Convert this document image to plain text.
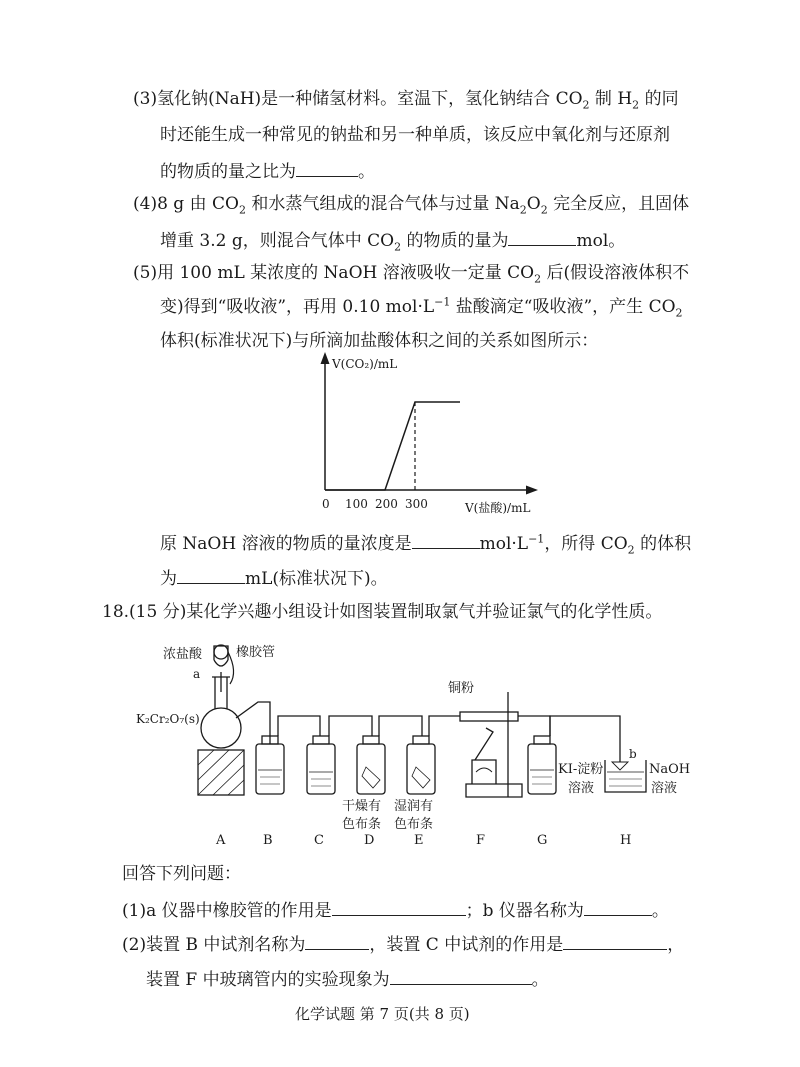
(3)氢化钠(NaH)是一种储氢材料。室温下，氢化钠结合 $CO_2$ 制 $H_2$ 的同
时还能生成一种常见的钠盐和另一种单质，该反应中氧化剂与还原剂
的物质的量之比为	。
(4)8 g 由 $CO_2$ 和水蒸气组成的混合气体与过量 $Na_2O_2$ 完全反应，且固体
增重 3.2 g，则混合气体中 $CO_2$ 的物质的量为	mol。
(5)用 100 mL 某浓度的 NaOH 溶液吸收一定量 $CO_2$ 后(假设溶液体积不
变)得到“吸收液”，再用 0.10 $mol\cdot L^{-1}$ 盐酸滴定“吸收液”，产生 $CO_2$
体积(标准状况下)与所滴加盐酸体积之间的关系如图所示：
V(CO₂)/mL
0 100 200 300	V(盐酸)/mL
原 NaOH 溶液的物质的量浓度是	$mol\cdot L^{-1}$，所得 $CO_2$ 的体积
为	mL(标准状况下)。
18.(15 分)某化学兴趣小组设计如图装置制取氯气并验证氯气的化学性质。
浓盐酸	橡胶管
a
K₂Cr₂O₇(s)
铜粉
KI-淀粉
溶液
b
NaOH
溶液
干燥有
色布条
湿润有
色布条
A	B	C	D	E	F	G	H
回答下列问题：
(1)a 仪器中橡胶管的作用是	；b 仪器名称为	。
(2)装置 B 中试剂名称为	，装置 C 中试剂的作用是	，
装置 F 中玻璃管内的实验现象为	。
化学试题 第 7 页(共 8 页)
